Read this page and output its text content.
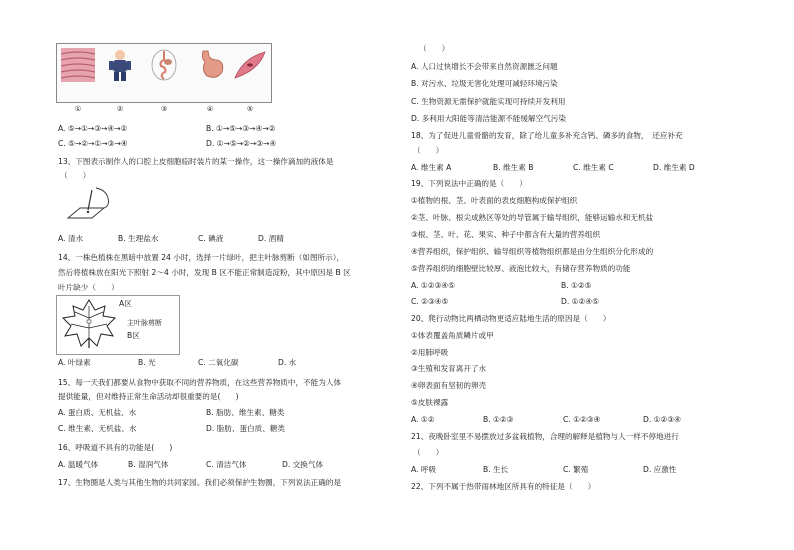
①	②	③	④	⑤
A. ⑤→①→③→④→②	B. ①→⑤→③→④→②
C. ⑤→②→①→③→④	D. ①→⑤→②→③→④
13、下图表示制作人的口腔上皮细胞临时装片的某一操作，这一操作滴加的液体是
（　　）
A. 清水	B. 生理盐水	C. 碘液	D. 酒精
14、一株色植株在黑暗中放置 24 小时，选择一片绿叶，把主叶脉剪断（如图所示），
然后将植株放在阳光下照射 2～4 小时，发现 B 区不能正常制造淀粉，其中原因是 B 区
叶片缺少（　　）
A区
主叶脉剪断
B区
A. 叶绿素	B. 光	C. 二氧化碳	D. 水
15、每一天我们都要从食物中获取不同的营养物质，在这些营养物质中，不能为人体
提供能量，但对维持正常生命活动却很重要的是(　　)
A. 蛋白质、无机盐、水	B. 脂肪、维生素、糖类
C. 维生素、无机盐、水	D. 脂肪、蛋白质、糖类
16、呼吸道不具有的功能是(　　)
A. 温暖气体	B. 湿润气体	C. 清洁气体	D. 交换气体
17、生物圈是人类与其他生物的共同家园。我们必须保护生物圈，下列说法正确的是
（　　）
A. 人口过快增长不会带来自然资源匮乏问题
B. 对污水、垃圾无害化处理可减轻环境污染
C. 生物资源无需保护就能实现可持续开发利用
D. 多利用大阳能等清洁能源不能缓解空气污染
18、为了促进儿童骨骼的发育，除了给儿童多补充含钙、磷多的食物，　还应补充
（　　）
A. 维生素 A	B. 维生素 B	C. 维生素 C	D. 维生素 D
19、下列说法中正确的是（　　）
①植物的根、茎、叶表面的表皮细胞构成保护组织
②茎、叶脉、根尖成熟区等处的导管属于输导组织，能够运输水和无机盐
③根、茎、叶、花、果实、种子中都含有大量的营养组织
④营养组织，保护组织、输导组织等植物组织都是由分生组织分化形成的
⑤营养组织的细胞壁比较厚、液泡比较大，有储存营养物质的功能
A. ①②③④⑤	B. ①②⑤
C. ②③④⑤	D. ①②④⑤
20、爬行动物比两栖动物更适应陆地生活的原因是（　　）
①体表覆盖角质鳞片或甲
②用肺呼吸
③生殖和发育离开了水
④卵表面有坚韧的卵壳
⑤皮肤裸露
A. ①②	B. ①②③	C. ①②③④	D. ①②③④
21、夜晚卧室里不易摆放过多盆栽植物，合理的解释是植物与人一样不停地进行
（　　）
A. 呼吸	B. 生长	C. 繁殖	D. 应激性
22、下列不属于热带雨林地区所具有的特征是（　　）
